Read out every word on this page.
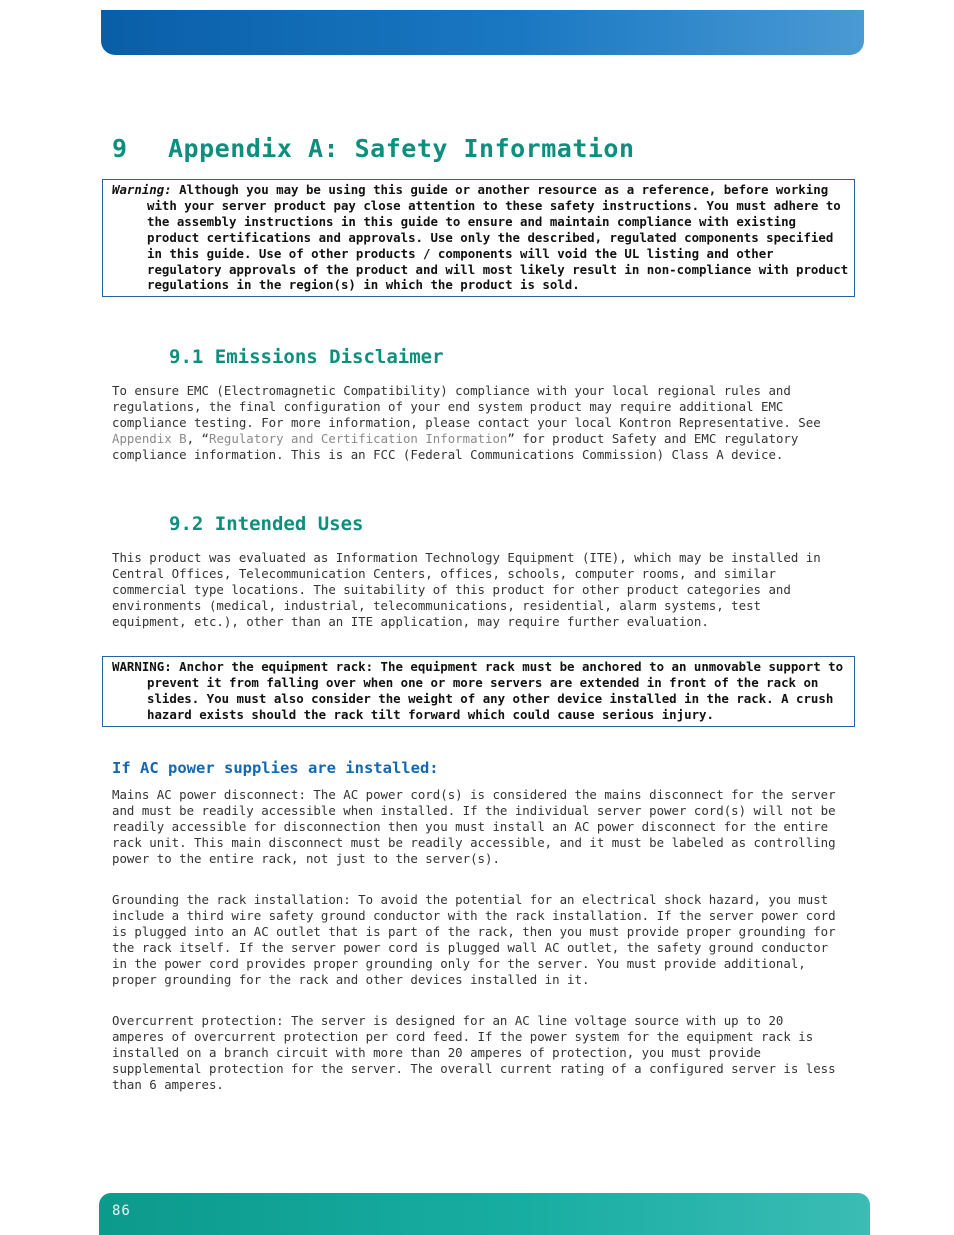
9 Appendix A: Safety Information

Warning: Although you may be using this guide or another resource as a reference, before working with your server product pay close attention to these safety instructions. You must adhere to the assembly instructions in this guide to ensure and maintain compliance with existing product certifications and approvals. Use only the described, regulated components specified in this guide. Use of other products / components will void the UL listing and other regulatory approvals of the product and will most likely result in non-compliance with product regulations in the region(s) in which the product is sold.

9.1 Emissions Disclaimer

To ensure EMC (Electromagnetic Compatibility) compliance with your local regional rules and regulations, the final configuration of your end system product may require additional EMC compliance testing. For more information, please contact your local Kontron Representative. See Appendix B, “Regulatory and Certification Information” for product Safety and EMC regulatory compliance information. This is an FCC (Federal Communications Commission) Class A device.

9.2 Intended Uses

This product was evaluated as Information Technology Equipment (ITE), which may be installed in Central Offices, Telecommunication Centers, offices, schools, computer rooms, and similar commercial type locations. The suitability of this product for other product categories and environments (medical, industrial, telecommunications, residential, alarm systems, test equipment, etc.), other than an ITE application, may require further evaluation.

WARNING: Anchor the equipment rack: The equipment rack must be anchored to an unmovable support to prevent it from falling over when one or more servers are extended in front of the rack on slides. You must also consider the weight of any other device installed in the rack. A crush hazard exists should the rack tilt forward which could cause serious injury.

If AC power supplies are installed:

Mains AC power disconnect: The AC power cord(s) is considered the mains disconnect for the server and must be readily accessible when installed. If the individual server power cord(s) will not be readily accessible for disconnection then you must install an AC power disconnect for the entire rack unit. This main disconnect must be readily accessible, and it must be labeled as controlling power to the entire rack, not just to the server(s).

Grounding the rack installation: To avoid the potential for an electrical shock hazard, you must include a third wire safety ground conductor with the rack installation. If the server power cord is plugged into an AC outlet that is part of the rack, then you must provide proper grounding for the rack itself. If the server power cord is plugged wall AC outlet, the safety ground conductor in the power cord provides proper grounding only for the server. You must provide additional, proper grounding for the rack and other devices installed in it.

Overcurrent protection: The server is designed for an AC line voltage source with up to 20 amperes of overcurrent protection per cord feed. If the power system for the equipment rack is installed on a branch circuit with more than 20 amperes of protection, you must provide supplemental protection for the server. The overall current rating of a configured server is less than 6 amperes.

86
